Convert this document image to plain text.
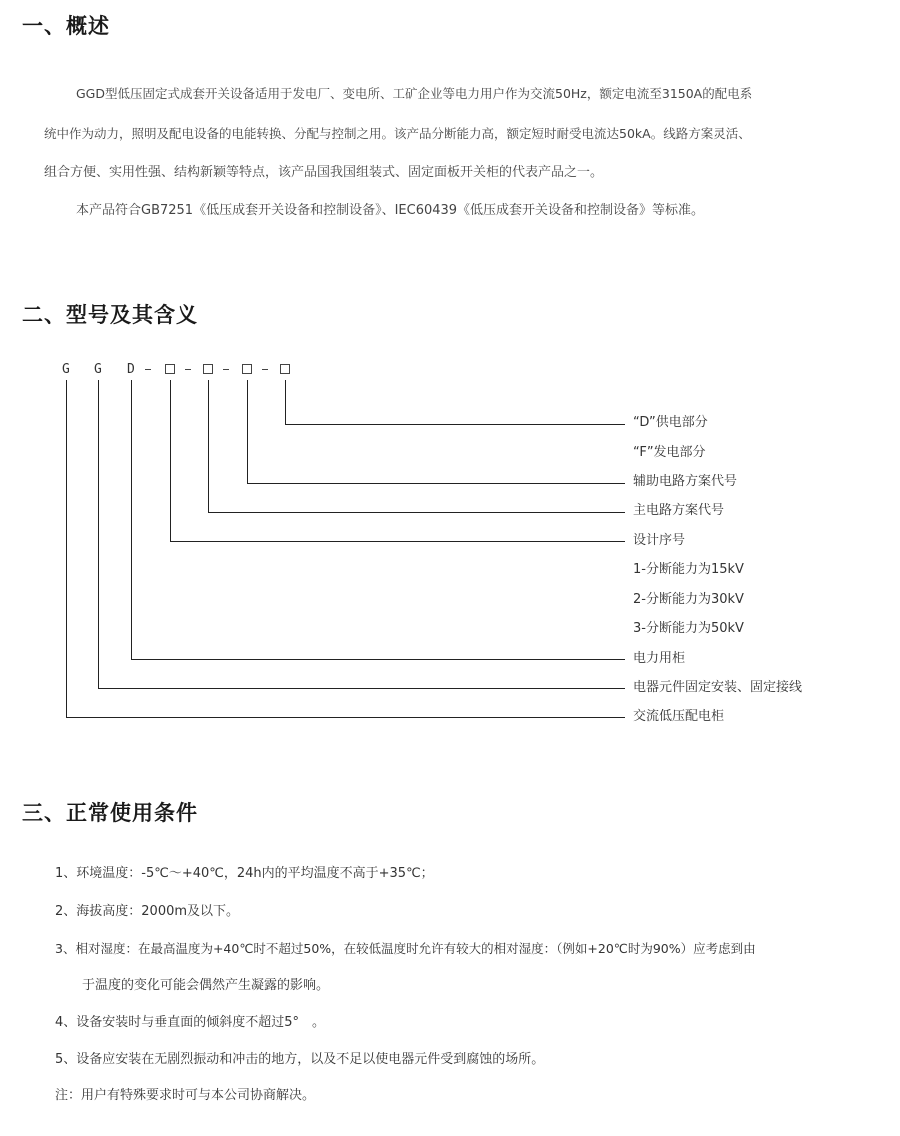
一、概述
GGD型低压固定式成套开关设备适用于发电厂、变电所、工矿企业等电力用户作为交流50Hz，额定电流至3150A的配电系
统中作为动力，照明及配电设备的电能转换、分配与控制之用。该产品分断能力高，额定短时耐受电流达50kA。线路方案灵活、
组合方便、实用性强、结构新颖等特点，该产品国我国组装式、固定面板开关柜的代表产品之一。
本产品符合GB7251《低压成套开关设备和控制设备》、IEC60439《低压成套开关设备和控制设备》等标准。
二、型号及其含义
G G D
“D”供电部分
“F”发电部分
辅助电路方案代号
主电路方案代号
设计序号
1-分断能力为15kV
2-分断能力为30kV
3-分断能力为50kV
电力用柜
电器元件固定安装、固定接线
交流低压配电柜
三、正常使用条件
1、环境温度：-5℃～+40℃，24h内的平均温度不高于+35℃；
2、海拔高度：2000m及以下。
3、相对湿度：在最高温度为+40℃时不超过50%，在较低温度时允许有较大的相对湿度：（例如+20℃时为90%）应考虑到由
于温度的变化可能会偶然产生凝露的影响。
4、设备安装时与垂直面的倾斜度不超过5°　。
5、设备应安装在无剧烈振动和冲击的地方，以及不足以使电器元件受到腐蚀的场所。
注：用户有特殊要求时可与本公司协商解决。
